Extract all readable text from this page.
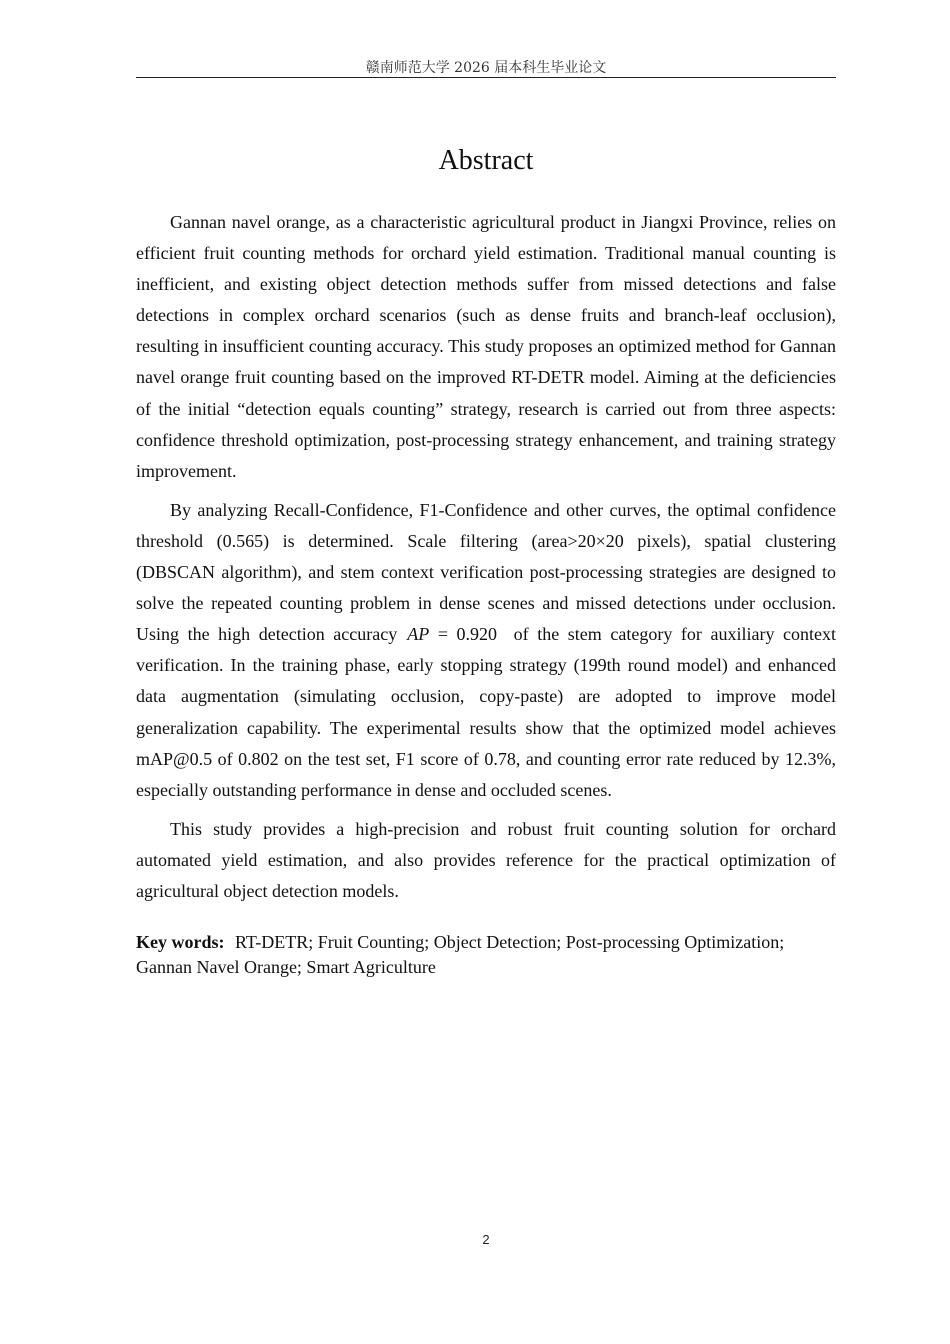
赣南师范大学 2026 届本科生毕业论文
Abstract

Gannan navel orange, as a characteristic agricultural product in Jiangxi Province, relies on efficient fruit counting methods for orchard yield estimation. Traditional manual counting is inefficient, and existing object detection methods suffer from missed detections and false detections in complex orchard scenarios (such as dense fruits and branch-leaf occlusion), resulting in insufficient counting accuracy. This study proposes an optimized method for Gannan navel orange fruit counting based on the improved RT-DETR model. Aiming at the deficiencies of the initial “detection equals counting” strategy, research is carried out from three aspects: confidence threshold optimization, post-processing strategy enhancement, and training strategy improvement.

By analyzing Recall-Confidence, F1-Confidence and other curves, the optimal confidence threshold (0.565) is determined. Scale filtering (area>20×20 pixels), spatial clustering (DBSCAN algorithm), and stem context verification post-processing strategies are designed to solve the repeated counting problem in dense scenes and missed detections under occlusion. Using the high detection accuracy AP = 0.920 of the stem category for auxiliary context verification. In the training phase, early stopping strategy (199th round model) and enhanced data augmentation (simulating occlusion, copy-paste) are adopted to improve model generalization capability. The experimental results show that the optimized model achieves mAP@0.5 of 0.802 on the test set, F1 score of 0.78, and counting error rate reduced by 12.3%, especially outstanding performance in dense and occluded scenes.

This study provides a high-precision and robust fruit counting solution for orchard automated yield estimation, and also provides reference for the practical optimization of agricultural object detection models.

Key words: RT-DETR; Fruit Counting; Object Detection; Post-processing Optimization; Gannan Navel Orange; Smart Agriculture
2
